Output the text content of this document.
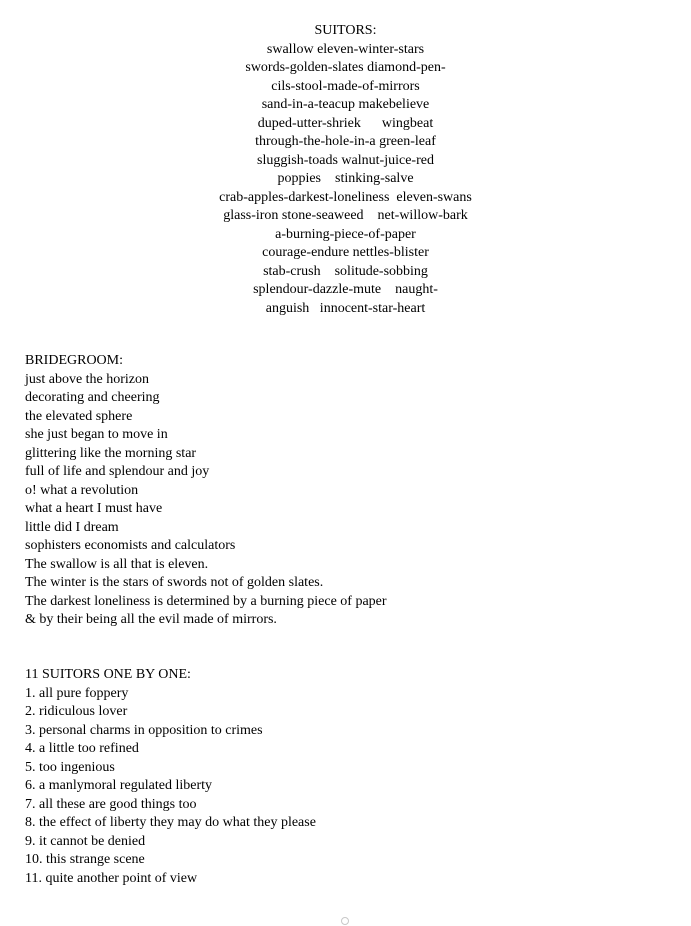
SUITORS:
swallow eleven-winter-stars
swords-golden-slates diamond-pen-
cils-stool-made-of-mirrors
sand-in-a-teacup makebelieve
duped-utter-shriek      wingbeat
through-the-hole-in-a green-leaf
sluggish-toads walnut-juice-red
poppies    stinking-salve
crab-apples-darkest-loneliness  eleven-swans
glass-iron stone-seaweed    net-willow-bark
a-burning-piece-of-paper
courage-endure nettles-blister
stab-crush    solitude-sobbing
splendour-dazzle-mute    naught-
anguish   innocent-star-heart
BRIDEGROOM:
just above the horizon
decorating and cheering
the elevated sphere
she just began to move in
glittering like the morning star
full of life and splendour and joy
o! what a revolution
what a heart I must have
little did I dream
sophisters economists and calculators
The swallow is all that is eleven.
The winter is the stars of swords not of golden slates.
The darkest loneliness is determined by a burning piece of paper
& by their being all the evil made of mirrors.
11 SUITORS ONE BY ONE:
1. all pure foppery
2. ridiculous lover
3. personal charms in opposition to crimes
4. a little too refined
5. too ingenious
6. a manlymoral regulated liberty
7. all these are good things too
8. the effect of liberty they may do what they please
9. it cannot be denied
10. this strange scene
11. quite another point of view
